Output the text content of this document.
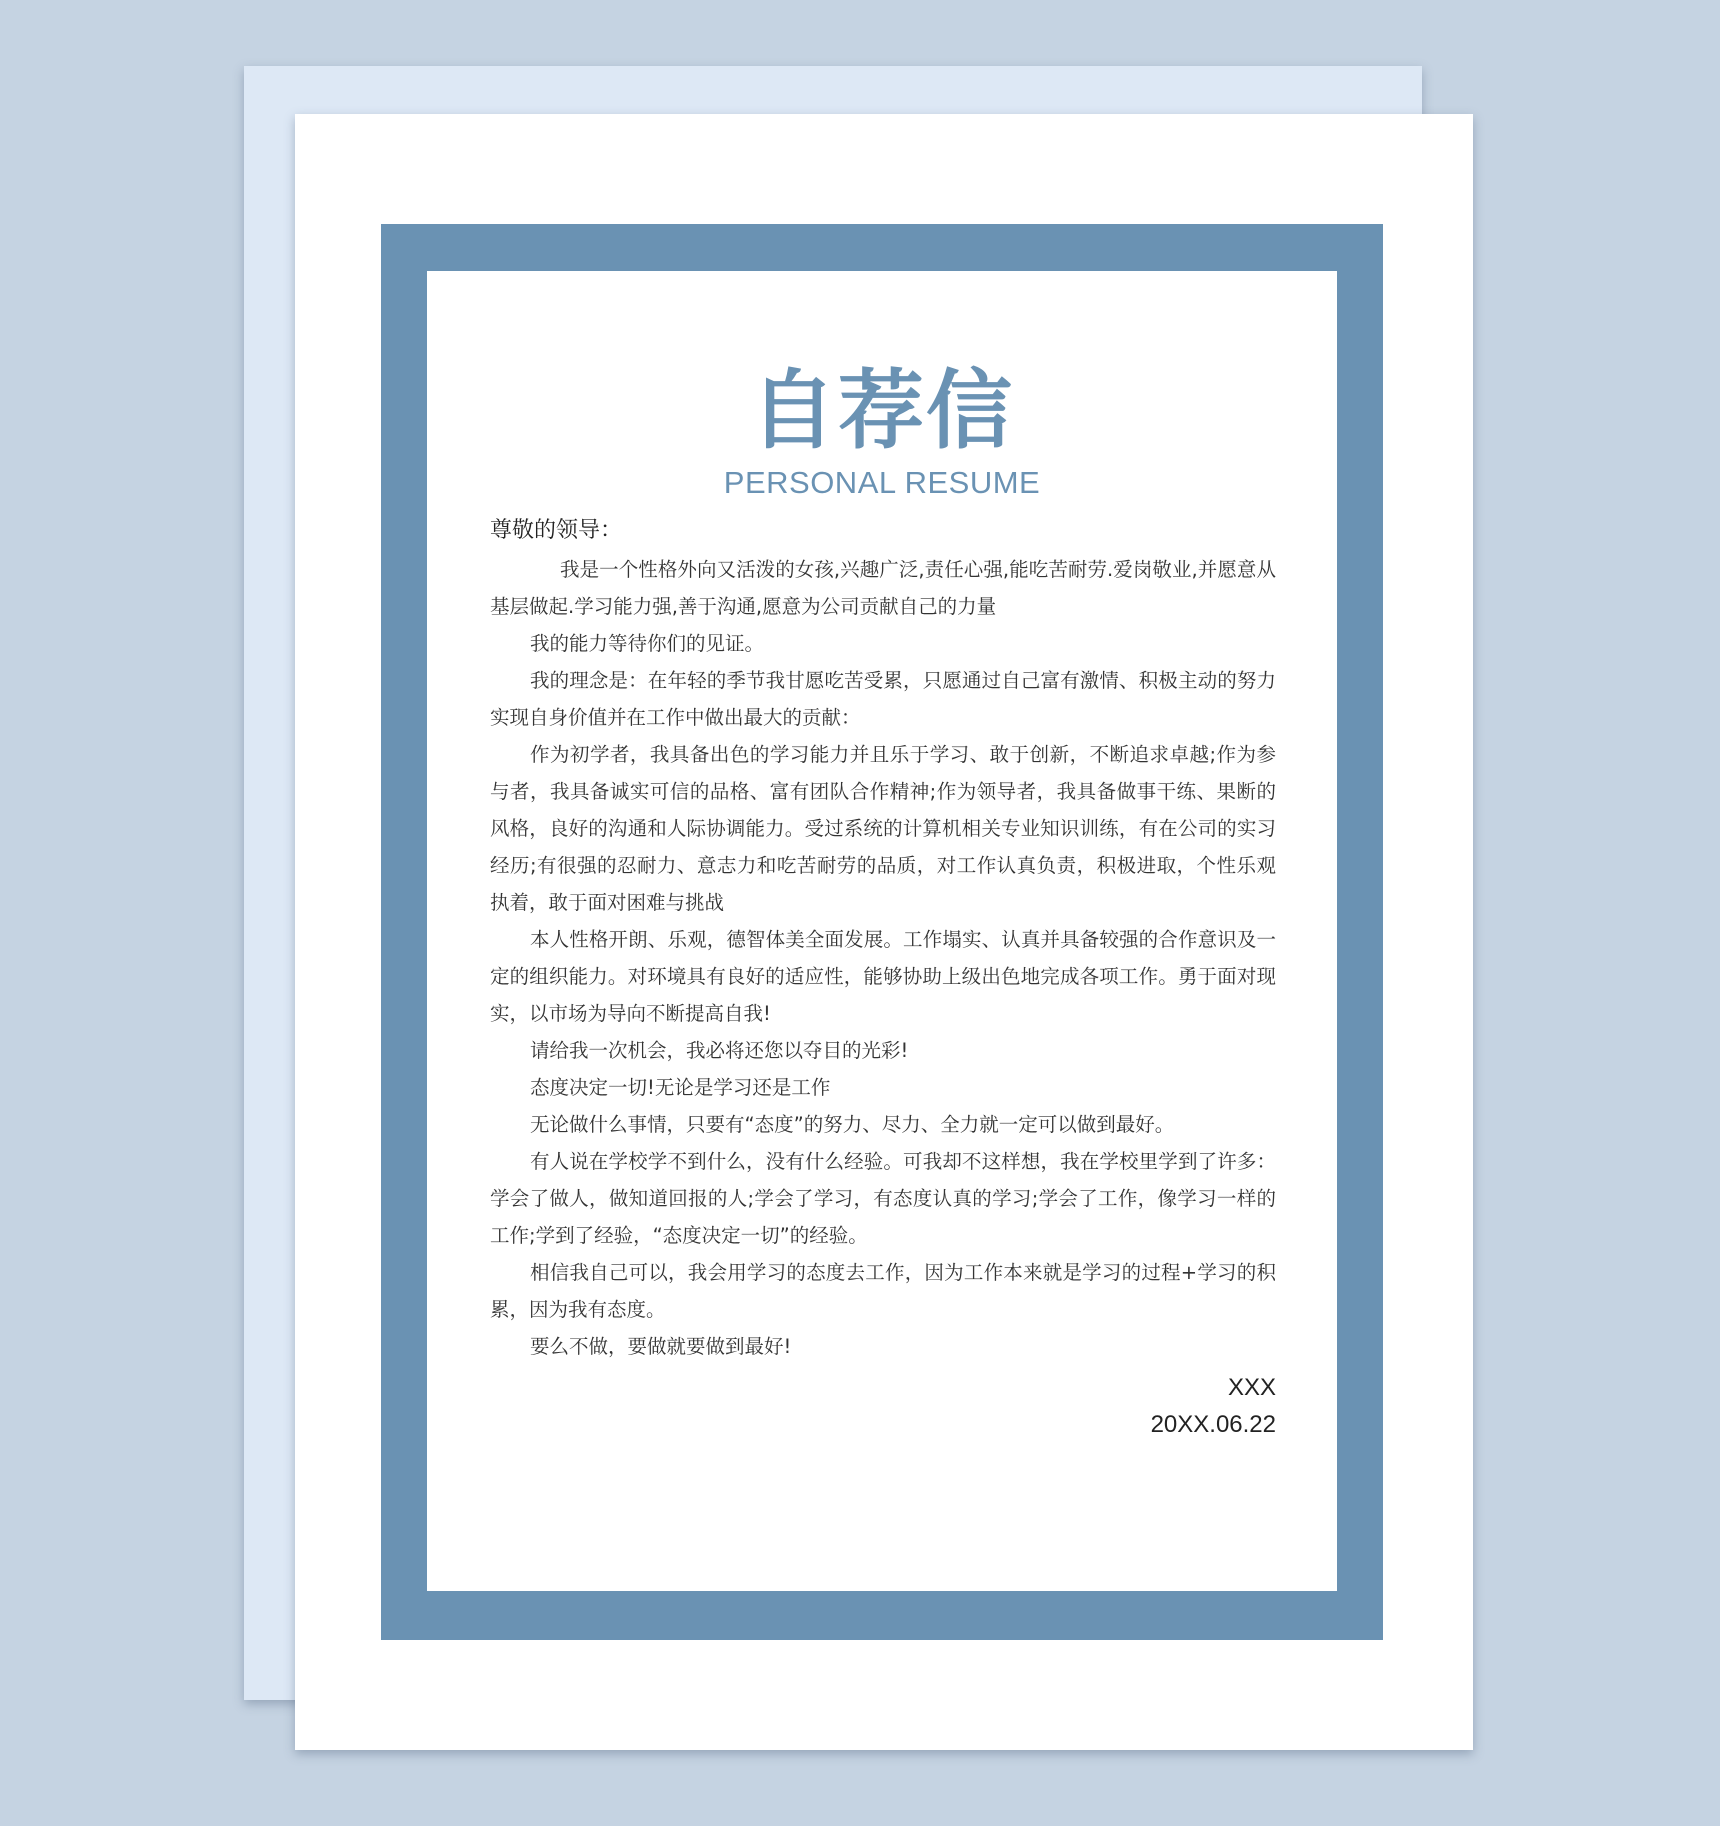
自荐信
PERSONAL RESUME

尊敬的领导：

我是一个性格外向又活泼的女孩,兴趣广泛,责任心强,能吃苦耐劳.爱岗敬业,并愿意从基层做起.学习能力强,善于沟通,愿意为公司贡献自己的力量

我的能力等待你们的见证。

我的理念是：在年轻的季节我甘愿吃苦受累，只愿通过自己富有激情、积极主动的努力实现自身价值并在工作中做出最大的贡献：

作为初学者，我具备出色的学习能力并且乐于学习、敢于创新，不断追求卓越;作为参与者，我具备诚实可信的品格、富有团队合作精神;作为领导者，我具备做事干练、果断的风格，良好的沟通和人际协调能力。受过系统的计算机相关专业知识训练，有在公司的实习经历;有很强的忍耐力、意志力和吃苦耐劳的品质，对工作认真负责，积极进取，个性乐观执着，敢于面对困难与挑战

本人性格开朗、乐观，德智体美全面发展。工作塌实、认真并具备较强的合作意识及一定的组织能力。对环境具有良好的适应性，能够协助上级出色地完成各项工作。勇于面对现实，以市场为导向不断提高自我!

请给我一次机会，我必将还您以夺目的光彩!

态度决定一切!无论是学习还是工作

无论做什么事情，只要有“态度”的努力、尽力、全力就一定可以做到最好。

有人说在学校学不到什么，没有什么经验。可我却不这样想，我在学校里学到了许多：学会了做人，做知道回报的人;学会了学习，有态度认真的学习;学会了工作，像学习一样的工作;学到了经验，“态度决定一切”的经验。

相信我自己可以，我会用学习的态度去工作，因为工作本来就是学习的过程+学习的积累，因为我有态度。

要么不做，要做就要做到最好!

XXX

20XX.06.22
